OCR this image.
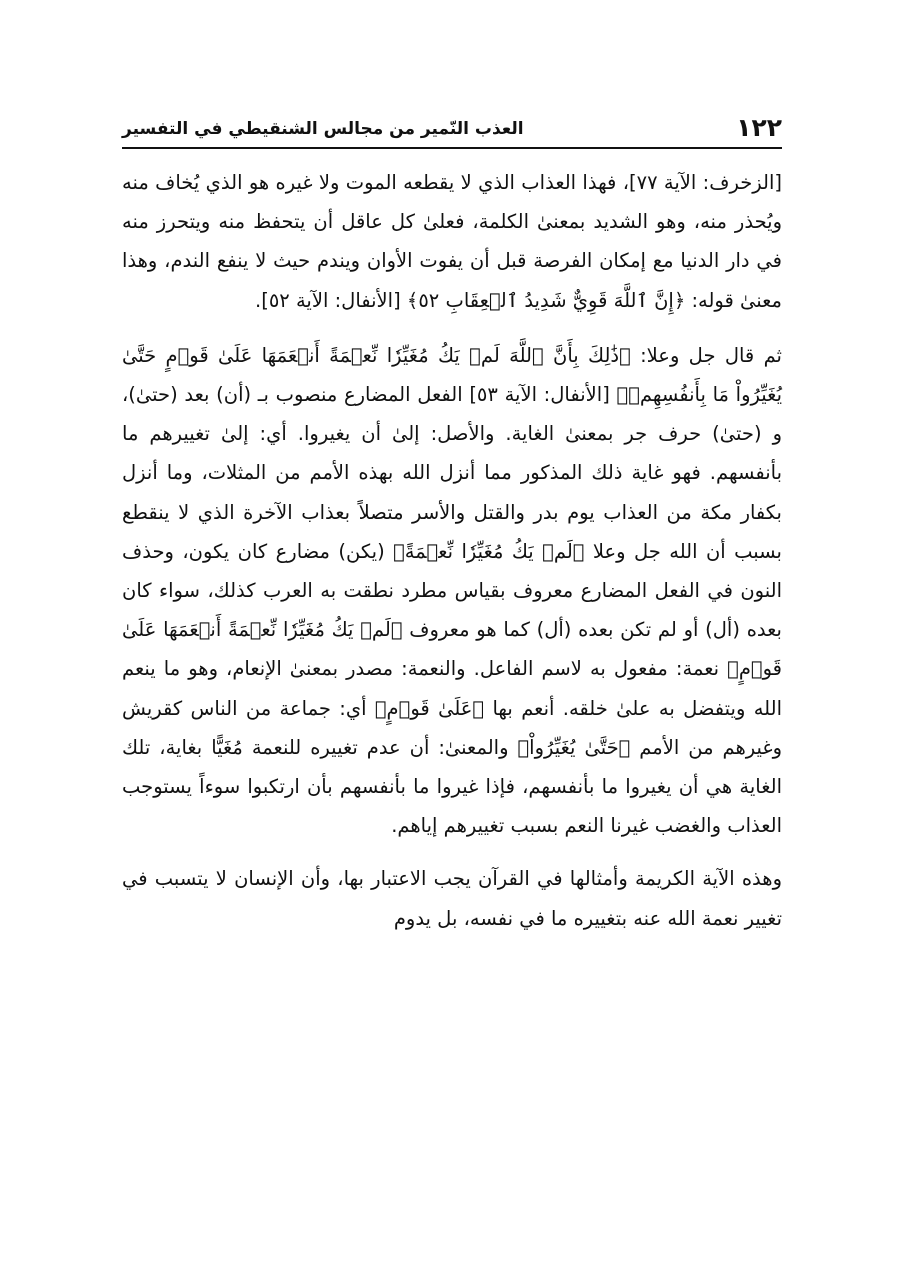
١٢٢
العذب النّمير من مجالس الشنقيطي في التفسير

[الزخرف: الآية ٧٧]، فهذا العذاب الذي لا يقطعه الموت ولا غيره هو الذي يُخاف منه ويُحذر منه، وهو الشديد بمعنىٰ الكلمة، فعلىٰ كل عاقل أن يتحفظ منه ويتحرز منه في دار الدنيا مع إمكان الفرصة قبل أن يفوت الأوان ويندم حيث لا ينفع الندم، وهذا معنىٰ قوله: ﴿إِنَّ ٱللَّهَ قَوِيٌّ شَدِيدُ ٱلۡعِقَابِ ٥٢﴾ [الأنفال: الآية ٥٢].

ثم قال جل وعلا: ﴿ذَٰلِكَ بِأَنَّ ٱللَّهَ لَمۡ يَكُ مُغَيِّرٗا نِّعۡمَةً أَنۡعَمَهَا عَلَىٰ قَوۡمٍ حَتَّىٰ يُغَيِّرُواْ مَا بِأَنفُسِهِمۡ﴾ [الأنفال: الآية ٥٣] الفعل المضارع منصوب بـ (أن) بعد (حتىٰ)، و (حتىٰ) حرف جر بمعنىٰ الغاية. والأصل: إلىٰ أن يغيروا. أي: إلىٰ تغييرهم ما بأنفسهم. فهو غاية ذلك المذكور مما أنزل الله بهذه الأمم من المثلات، وما أنزل بكفار مكة من العذاب يوم بدر والقتل والأسر متصلاً بعذاب الآخرة الذي لا ينقطع بسبب أن الله جل وعلا ﴿لَمۡ يَكُ مُغَيِّرٗا نِّعۡمَةً﴾ (يكن) مضارع كان يكون، وحذف النون في الفعل المضارع معروف بقياس مطرد نطقت به العرب كذلك، سواء كان بعده (أل) أو لم تكن بعده (أل) كما هو معروف ﴿لَمۡ يَكُ مُغَيِّرٗا نِّعۡمَةً أَنۡعَمَهَا عَلَىٰ قَوۡمٍ﴾ نعمة: مفعول به لاسم الفاعل. والنعمة: مصدر بمعنىٰ الإنعام، وهو ما ينعم الله ويتفضل به علىٰ خلقه. أنعم بها ﴿عَلَىٰ قَوۡمٍ﴾ أي: جماعة من الناس كقريش وغيرهم من الأمم ﴿حَتَّىٰ يُغَيِّرُواْ﴾ والمعنىٰ: أن عدم تغييره للنعمة مُغَيًّا بغاية، تلك الغاية هي أن يغيروا ما بأنفسهم، فإذا غيروا ما بأنفسهم بأن ارتكبوا سوءاً يستوجب العذاب والغضب غيرنا النعم بسبب تغييرهم إياهم.

وهذه الآية الكريمة وأمثالها في القرآن يجب الاعتبار بها، وأن الإنسان لا يتسبب في تغيير نعمة الله عنه بتغييره ما في نفسه، بل يدوم
